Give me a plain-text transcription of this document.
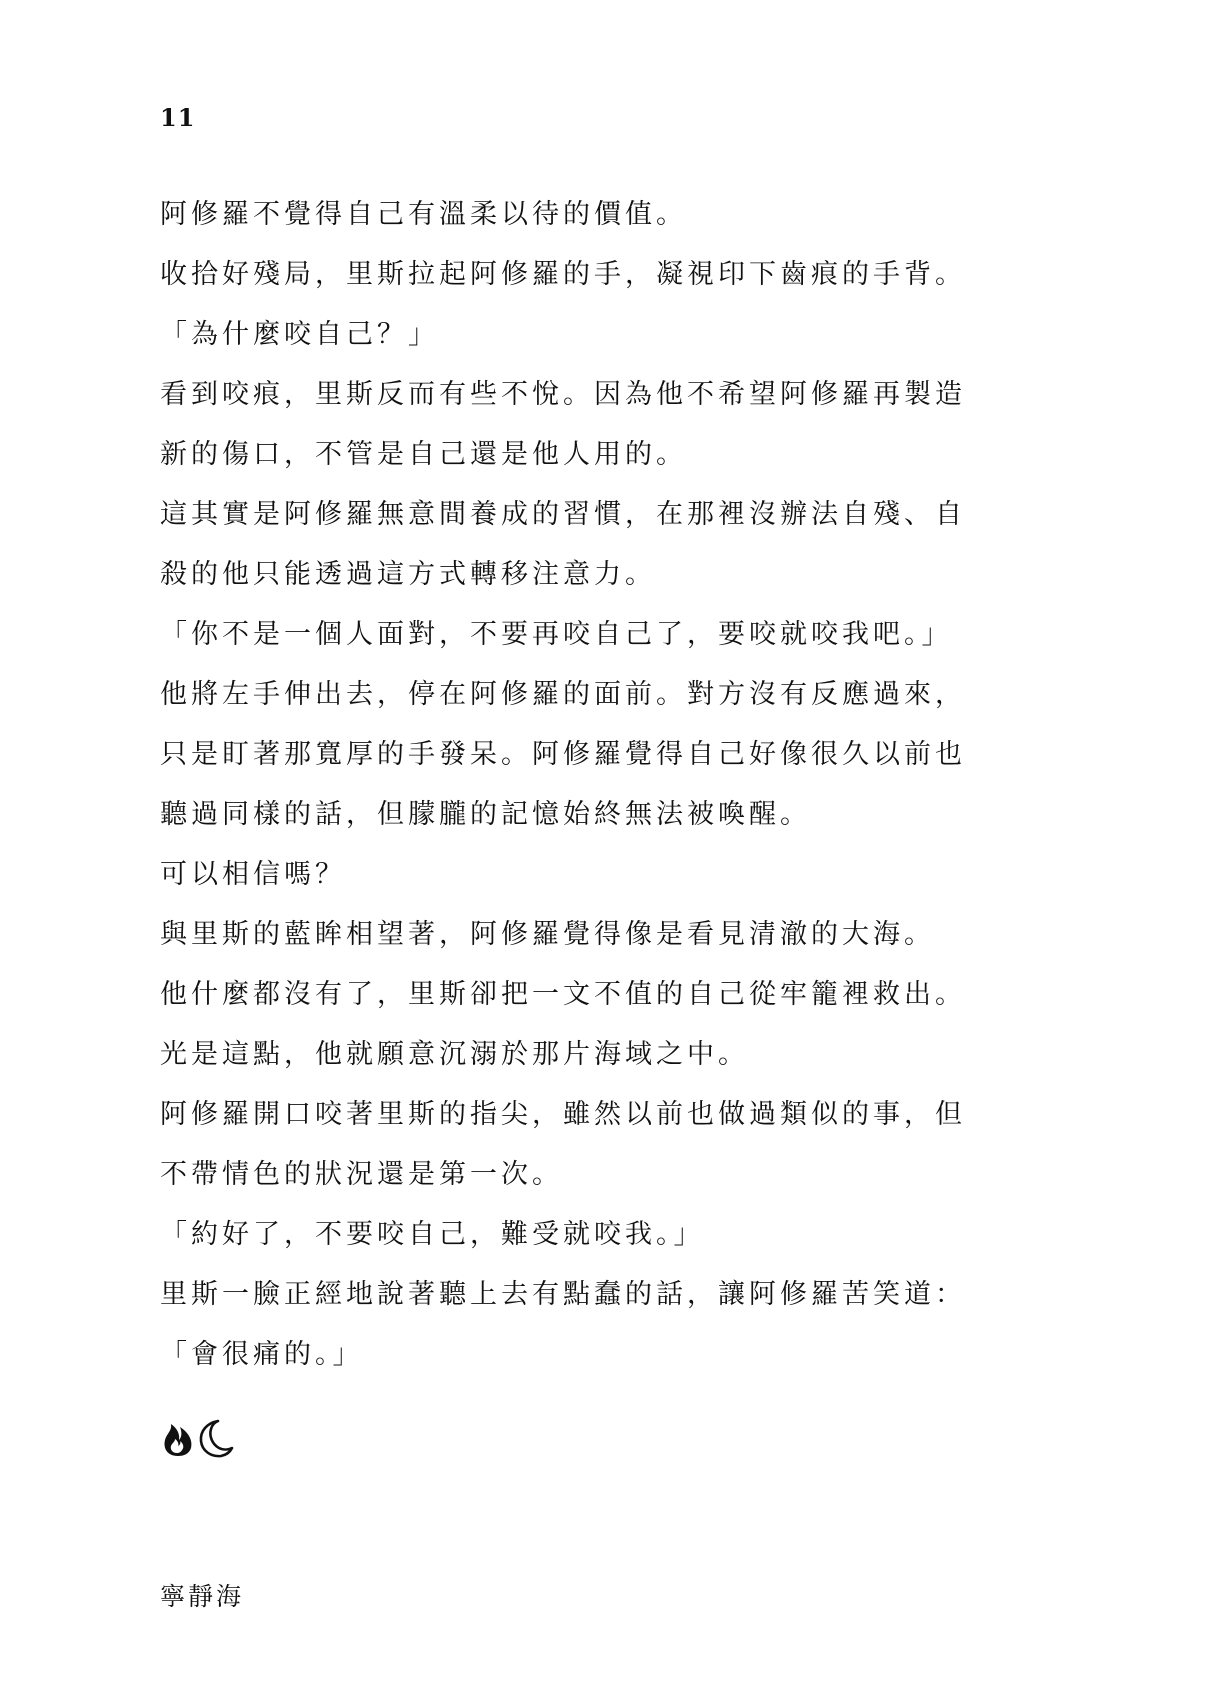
11
阿修羅不覺得自己有溫柔以待的價值。
收拾好殘局，里斯拉起阿修羅的手，凝視印下齒痕的手背。
「為什麼咬自己？」
看到咬痕，里斯反而有些不悅。因為他不希望阿修羅再製造
新的傷口，不管是自己還是他人用的。
這其實是阿修羅無意間養成的習慣，在那裡沒辦法自殘、自
殺的他只能透過這方式轉移注意力。
「你不是一個人面對，不要再咬自己了，要咬就咬我吧。」
他將左手伸出去，停在阿修羅的面前。對方沒有反應過來，
只是盯著那寬厚的手發呆。阿修羅覺得自己好像很久以前也
聽過同樣的話，但朦朧的記憶始終無法被喚醒。
可以相信嗎？
與里斯的藍眸相望著，阿修羅覺得像是看見清澈的大海。
他什麼都沒有了，里斯卻把一文不值的自己從牢籠裡救出。
光是這點，他就願意沉溺於那片海域之中。
阿修羅開口咬著里斯的指尖，雖然以前也做過類似的事，但
不帶情色的狀況還是第一次。
「約好了，不要咬自己，難受就咬我。」
里斯一臉正經地說著聽上去有點蠢的話，讓阿修羅苦笑道：
「會很痛的。」
寧靜海
